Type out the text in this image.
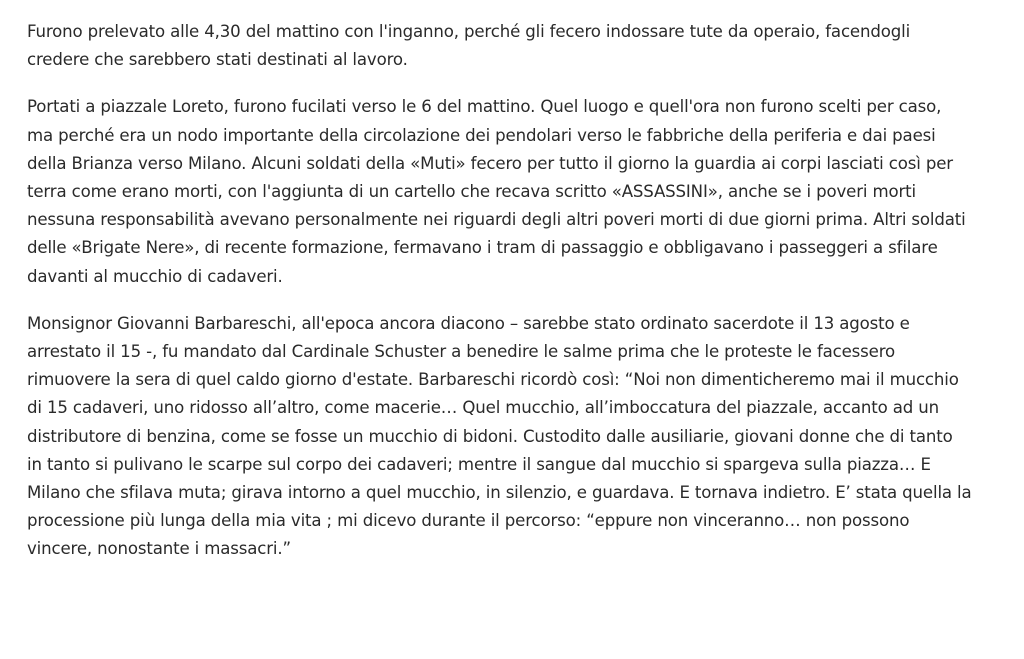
Furono prelevato alle 4,30 del mattino con l'inganno, perché gli fecero indossare tute da operaio, facendogli credere che sarebbero stati destinati al lavoro.

Portati a piazzale Loreto, furono fucilati verso le 6 del mattino. Quel luogo e quell'ora non furono scelti per caso, ma perché era un nodo importante della circolazione dei pendolari verso le fabbriche della periferia e dai paesi della Brianza verso Milano. Alcuni soldati della «Muti» fecero per tutto il giorno la guardia ai corpi lasciati così per terra come erano morti, con l'aggiunta di un cartello che recava scritto «ASSASSINI», anche se i poveri morti nessuna responsabilità avevano personalmente nei riguardi degli altri poveri morti di due giorni prima. Altri soldati delle «Brigate Nere», di recente formazione, fermavano i tram di passaggio e obbligavano i passeggeri a sfilare davanti al mucchio di cadaveri.

Monsignor Giovanni Barbareschi, all'epoca ancora diacono – sarebbe stato ordinato sacerdote il 13 agosto e arrestato il 15 -, fu mandato dal Cardinale Schuster a benedire le salme prima che le proteste le facessero rimuovere la sera di quel caldo giorno d'estate. Barbareschi ricordò così: “Noi non dimenticheremo mai il mucchio di 15 cadaveri, uno ridosso all’altro, come macerie… Quel mucchio, all’imboccatura del piazzale, accanto ad un distributore di benzina, come se fosse un mucchio di bidoni. Custodito dalle ausiliarie, giovani donne che di tanto in tanto si pulivano le scarpe sul corpo dei cadaveri; mentre il sangue dal mucchio si spargeva sulla piazza… E Milano che sfilava muta; girava intorno a quel mucchio, in silenzio, e guardava. E tornava indietro. E’ stata quella la processione più lunga della mia vita ; mi dicevo durante il percorso: “eppure non vinceranno… non possono vincere, nonostante i massacri.”
